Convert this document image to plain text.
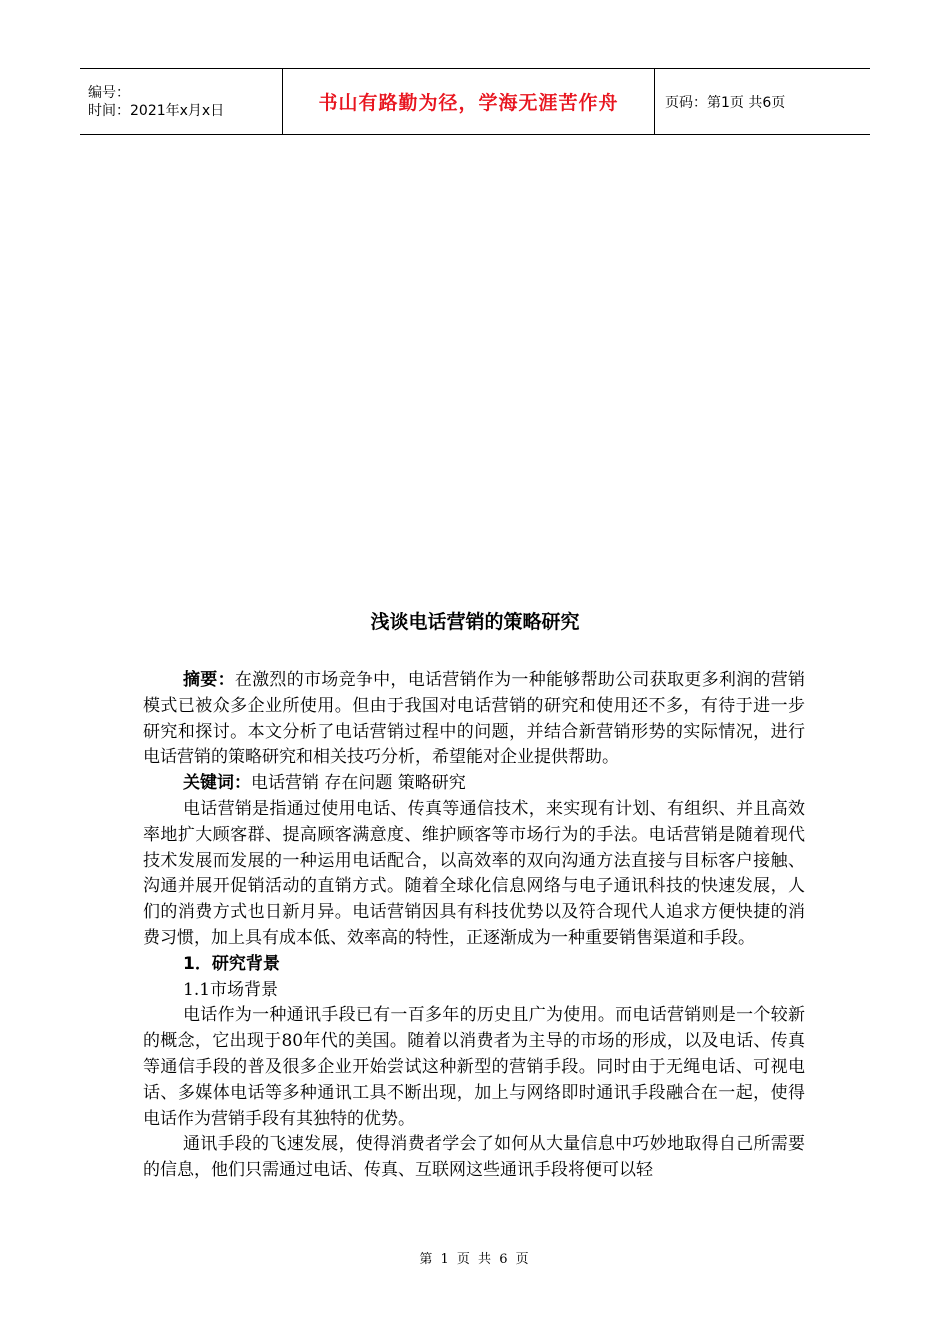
编号：
时间：2021年x月x日	书山有路勤为径，学海无涯苦作舟	页码：第1页 共6页
浅谈电话营销的策略研究

摘要：在激烈的市场竞争中，电话营销作为一种能够帮助公司获取更多利润的营销模式已被众多企业所使用。但由于我国对电话营销的研究和使用还不多，有待于进一步研究和探讨。本文分析了电话营销过程中的问题，并结合新营销形势的实际情况，进行电话营销的策略研究和相关技巧分析，希望能对企业提供帮助。

关键词：电话营销 存在问题 策略研究

电话营销是指通过使用电话、传真等通信技术，来实现有计划、有组织、并且高效率地扩大顾客群、提高顾客满意度、维护顾客等市场行为的手法。电话营销是随着现代技术发展而发展的一种运用电话配合，以高效率的双向沟通方法直接与目标客户接触、沟通并展开促销活动的直销方式。随着全球化信息网络与电子通讯科技的快速发展，人们的消费方式也日新月异。电话营销因具有科技优势以及符合现代人追求方便快捷的消费习惯，加上具有成本低、效率高的特性，正逐渐成为一种重要销售渠道和手段。

1．研究背景

1.1市场背景

电话作为一种通讯手段已有一百多年的历史且广为使用。而电话营销则是一个较新的概念，它出现于80年代的美国。随着以消费者为主导的市场的形成，以及电话、传真等通信手段的普及很多企业开始尝试这种新型的营销手段。同时由于无绳电话、可视电话、多媒体电话等多种通讯工具不断出现，加上与网络即时通讯手段融合在一起，使得电话作为营销手段有其独特的优势。

通讯手段的飞速发展，使得消费者学会了如何从大量信息中巧妙地取得自己所需要的信息，他们只需通过电话、传真、互联网这些通讯手段将便可以轻

第 1 页 共 6 页
